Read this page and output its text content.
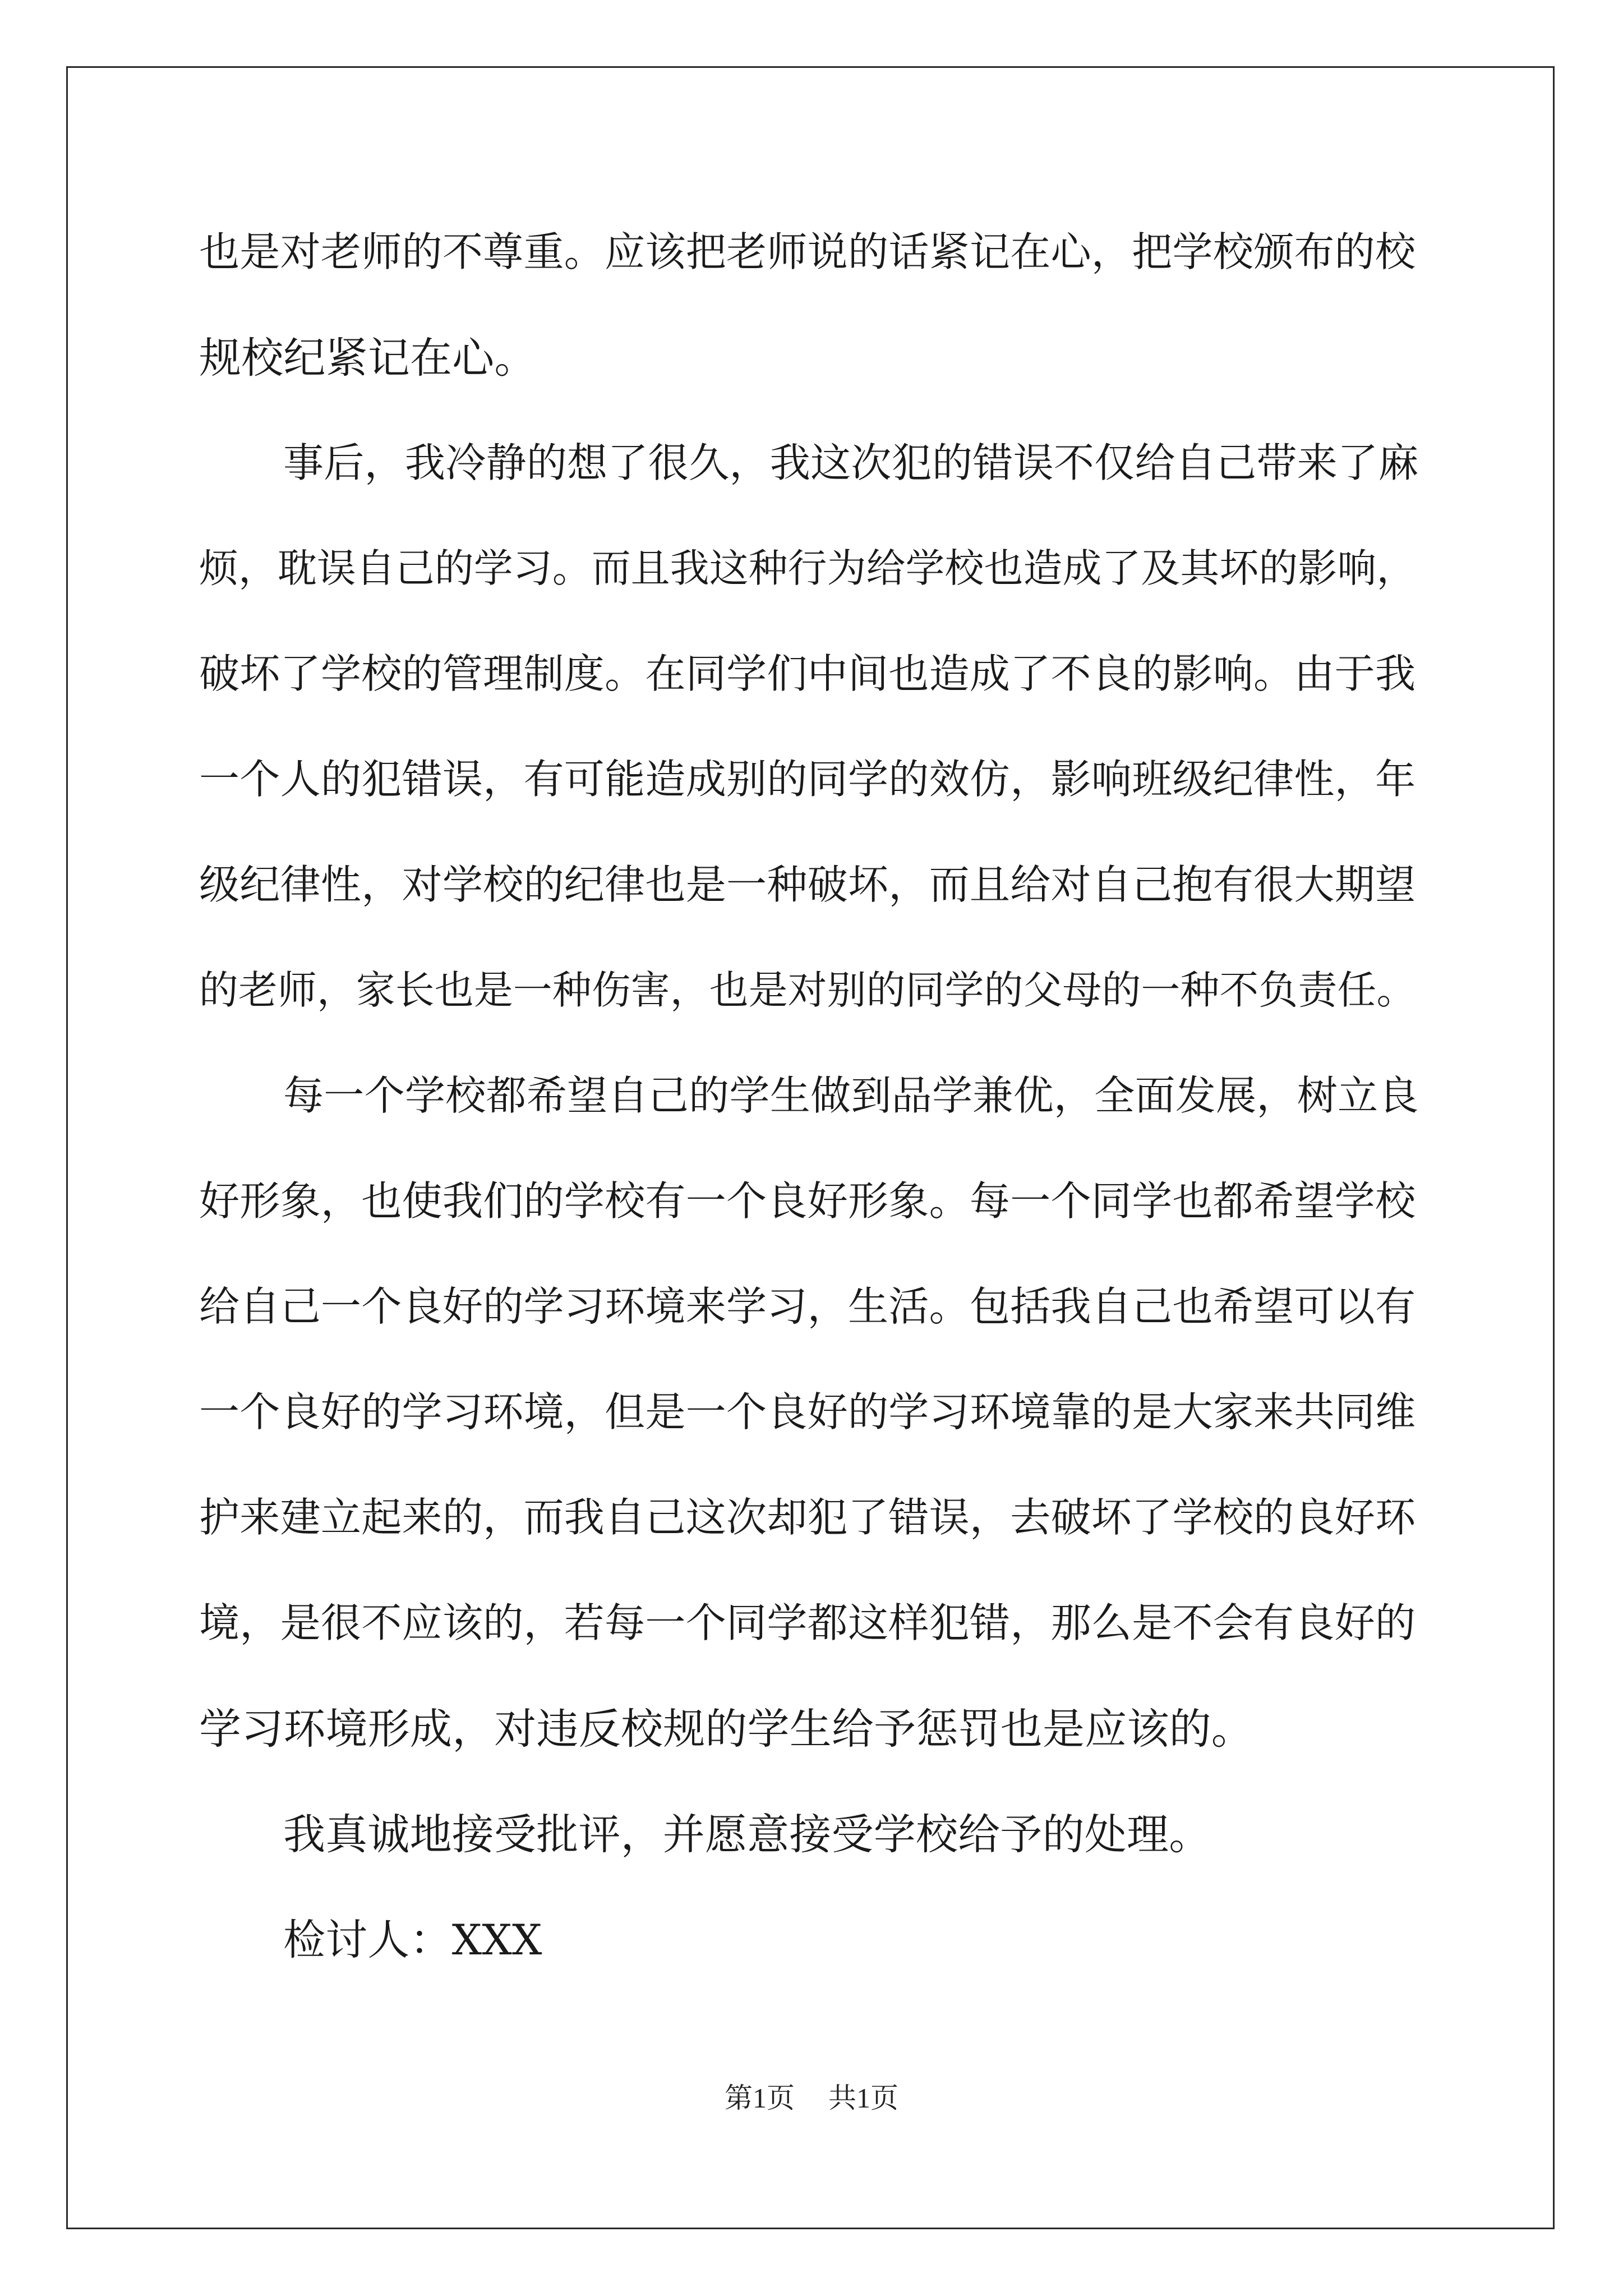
也是对老师的不尊重。应该把老师说的话紧记在心，把学校颁布的校
规校纪紧记在心。
事后，我冷静的想了很久，我这次犯的错误不仅给自己带来了麻
烦，耽误自己的学习。而且我这种行为给学校也造成了及其坏的影响，
破坏了学校的管理制度。在同学们中间也造成了不良的影响。由于我
一个人的犯错误，有可能造成别的同学的效仿，影响班级纪律性，年
级纪律性，对学校的纪律也是一种破坏，而且给对自己抱有很大期望
的老师，家长也是一种伤害，也是对别的同学的父母的一种不负责任。
每一个学校都希望自己的学生做到品学兼优，全面发展，树立良
好形象，也使我们的学校有一个良好形象。每一个同学也都希望学校
给自己一个良好的学习环境来学习，生活。包括我自己也希望可以有
一个良好的学习环境，但是一个良好的学习环境靠的是大家来共同维
护来建立起来的，而我自己这次却犯了错误，去破坏了学校的良好环
境，是很不应该的，若每一个同学都这样犯错，那么是不会有良好的
学习环境形成，对违反校规的学生给予惩罚也是应该的。
我真诚地接受批评，并愿意接受学校给予的处理。
检讨人：XXX
第1页 共1页
